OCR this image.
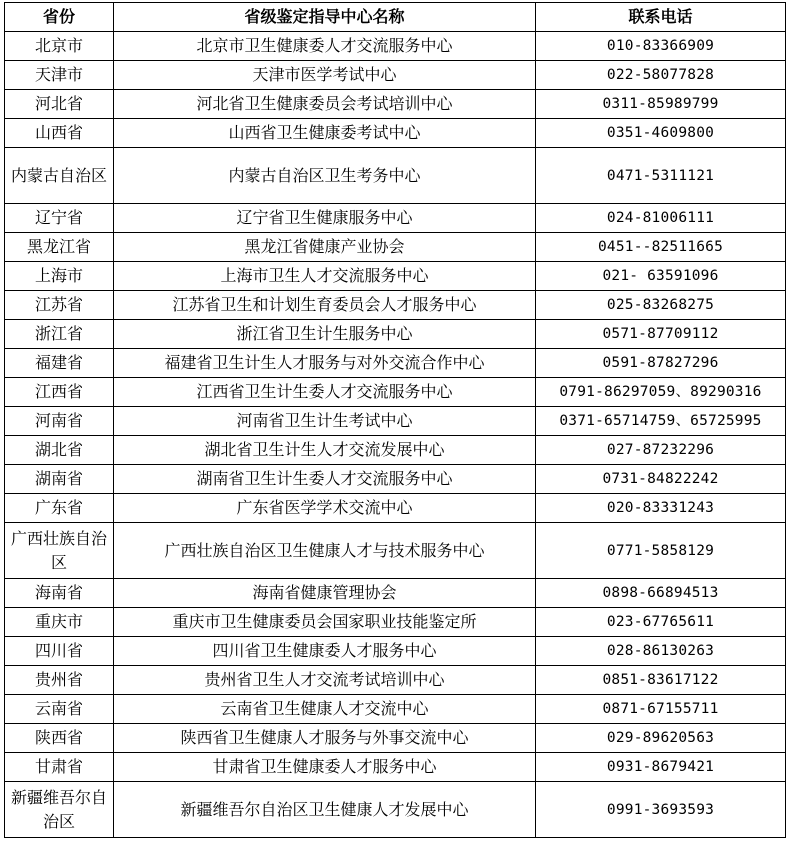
省份	省级鉴定指导中心名称	联系电话
北京市	北京市卫生健康委人才交流服务中心	010-83366909
天津市	天津市医学考试中心	022-58077828
河北省	河北省卫生健康委员会考试培训中心	0311-85989799
山西省	山西省卫生健康委考试中心	0351-4609800
内蒙古自治区	内蒙古自治区卫生考务中心	0471-5311121
辽宁省	辽宁省卫生健康服务中心	024-81006111
黑龙江省	黑龙江省健康产业协会	0451--82511665
上海市	上海市卫生人才交流服务中心	021- 63591096
江苏省	江苏省卫生和计划生育委员会人才服务中心	025-83268275
浙江省	浙江省卫生计生服务中心	0571-87709112
福建省	福建省卫生计生人才服务与对外交流合作中心	0591-87827296
江西省	江西省卫生计生委人才交流服务中心	0791-86297059、89290316
河南省	河南省卫生计生考试中心	0371-65714759、65725995
湖北省	湖北省卫生计生人才交流发展中心	027-87232296
湖南省	湖南省卫生计生委人才交流服务中心	0731-84822242
广东省	广东省医学学术交流中心	020-83331243
广西壮族自治区	广西壮族自治区卫生健康人才与技术服务中心	0771-5858129
海南省	海南省健康管理协会	0898-66894513
重庆市	重庆市卫生健康委员会国家职业技能鉴定所	023-67765611
四川省	四川省卫生健康委人才服务中心	028-86130263
贵州省	贵州省卫生人才交流考试培训中心	0851-83617122
云南省	云南省卫生健康人才交流中心	0871-67155711
陕西省	陕西省卫生健康人才服务与外事交流中心	029-89620563
甘肃省	甘肃省卫生健康委人才服务中心	0931-8679421
新疆维吾尔自治区	新疆维吾尔自治区卫生健康人才发展中心	0991-3693593
